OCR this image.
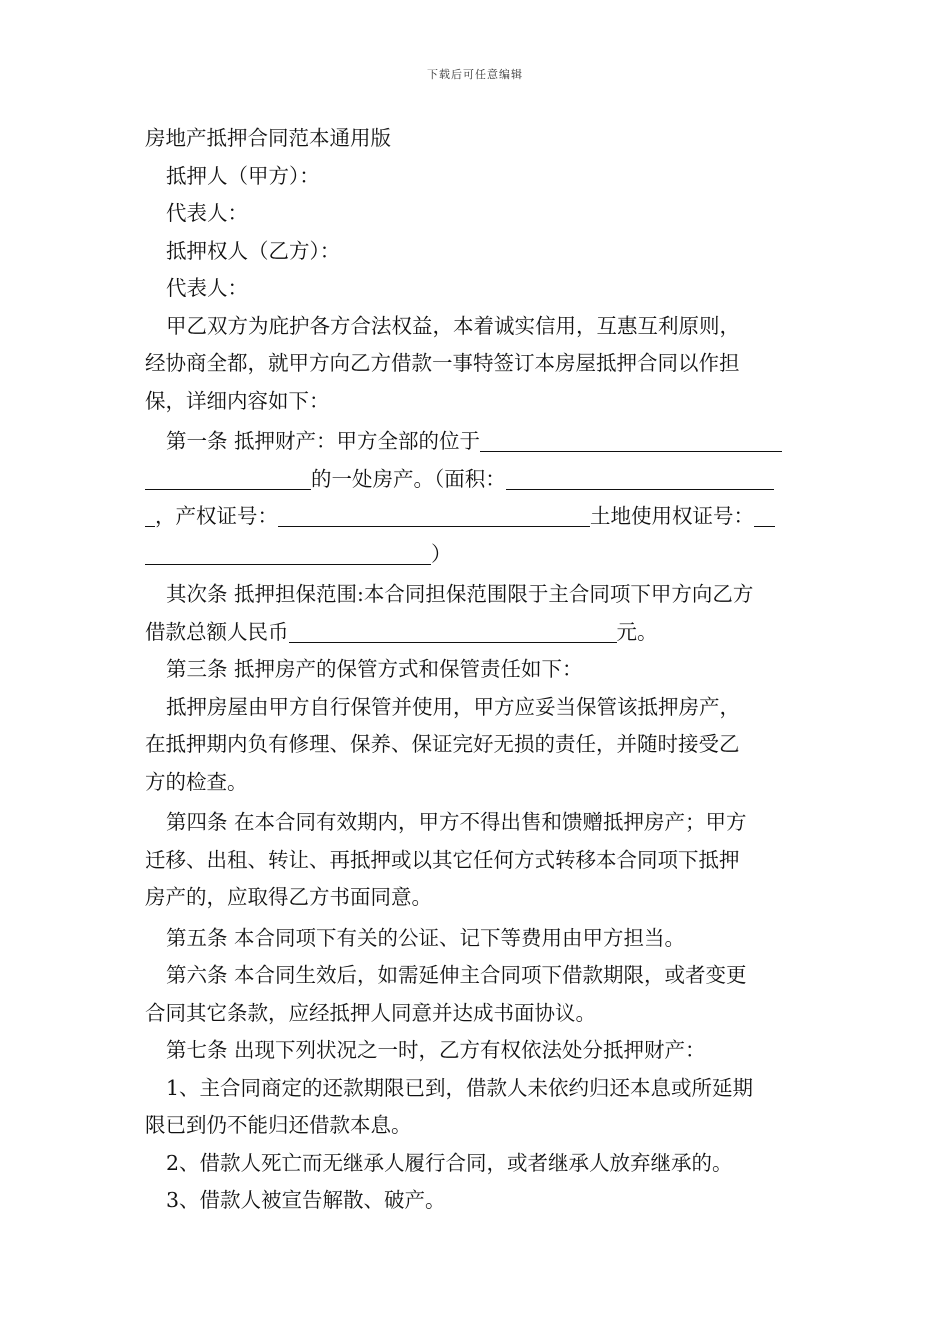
下载后可任意编辑
房地产抵押合同范本通用版
抵押人（甲方）：
代表人：
抵押权人（乙方）：
代表人：
甲乙双方为庇护各方合法权益，本着诚实信用，互惠互利原则，
经协商全都，就甲方向乙方借款一事特签订本房屋抵押合同以作担
保，详细内容如下：
第一条 抵押财产：甲方全部的位于
的一处房产。（面积：
，产权证号：	土地使用权证号：
）
其次条 抵押担保范围:本合同担保范围限于主合同项下甲方向乙方
借款总额人民币	元。
第三条 抵押房产的保管方式和保管责任如下：
抵押房屋由甲方自行保管并使用，甲方应妥当保管该抵押房产，
在抵押期内负有修理、保养、保证完好无损的责任，并随时接受乙
方的检查。
第四条 在本合同有效期内，甲方不得出售和馈赠抵押房产；甲方
迁移、出租、转让、再抵押或以其它任何方式转移本合同项下抵押
房产的，应取得乙方书面同意。
第五条 本合同项下有关的公证、记下等费用由甲方担当。
第六条 本合同生效后，如需延伸主合同项下借款期限，或者变更
合同其它条款，应经抵押人同意并达成书面协议。
第七条 出现下列状况之一时，乙方有权依法处分抵押财产：
1、主合同商定的还款期限已到，借款人未依约归还本息或所延期
限已到仍不能归还借款本息。
2、借款人死亡而无继承人履行合同，或者继承人放弃继承的。
3、借款人被宣告解散、破产。
